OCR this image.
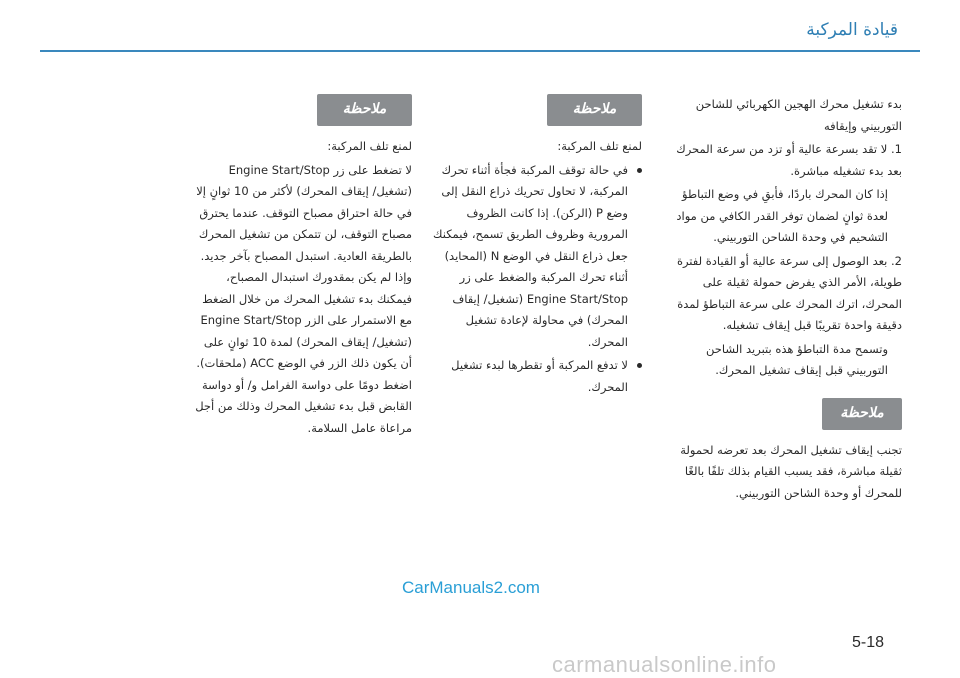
قيادة المركبة

بدء تشغيل محرك الهجين الكهربائي للشاحن التوربيني وإيقافه

1. لا تقد بسرعة عالية أو تزد من سرعة المحرك بعد بدء تشغيله مباشرة.
إذا كان المحرك باردًا، فأبقِ في وضع التباطؤ لعدة ثوانٍ لضمان توفر القدر الكافي من مواد التشحيم في وحدة الشاحن التوربيني.
2. بعد الوصول إلى سرعة عالية أو القيادة لفترة طويلة، الأمر الذي يفرض حمولة ثقيلة على المحرك، اترك المحرك على سرعة التباطؤ لمدة دقيقة واحدة تقريبًا قبل إيقاف تشغيله.
وتسمح مدة التباطؤ هذه بتبريد الشاحن التوربيني قبل إيقاف تشغيل المحرك.
ملاحظة

تجنب إيقاف تشغيل المحرك بعد تعرضه لحمولة ثقيلة مباشرة، فقد يسبب القيام بذلك تلفًا بالغًا للمحرك أو وحدة الشاحن التوربيني.

ملاحظة

لمنع تلف المركبة:

في حالة توقف المركبة فجأة أثناء تحرك المركبة، لا تحاول تحريك ذراع النقل إلى وضع P (الركن). إذا كانت الظروف المرورية وظروف الطريق تسمح، فيمكنك جعل ذراع النقل في الوضع N (المحايد) أثناء تحرك المركبة والضغط على زر Engine Start/Stop (تشغيل/ إيقاف المحرك) في محاولة لإعادة تشغيل المحرك.
لا تدفع المركبة أو تقطرها لبدء تشغيل المحرك.
ملاحظة

لمنع تلف المركبة:

لا تضغط على زر Engine Start/Stop (تشغيل/ إيقاف المحرك) لأكثر من 10 ثوانٍ إلا في حالة احتراق مصباح التوقف. عندما يحترق مصباح التوقف، لن تتمكن من تشغيل المحرك بالطريقة العادية. استبدل المصباح بآخر جديد. وإذا لم يكن بمقدورك استبدال المصباح، فيمكنك بدء تشغيل المحرك من خلال الضغط مع الاستمرار على الزر Engine Start/Stop (تشغيل/ إيقاف المحرك) لمدة 10 ثوانٍ على أن يكون ذلك الزر في الوضع ACC (ملحقات). اضغط دومًا على دواسة الفرامل و/ أو دواسة القابض قبل بدء تشغيل المحرك وذلك من أجل مراعاة عامل السلامة.

CarManuals2.com
5-18
carmanualsonline.info
